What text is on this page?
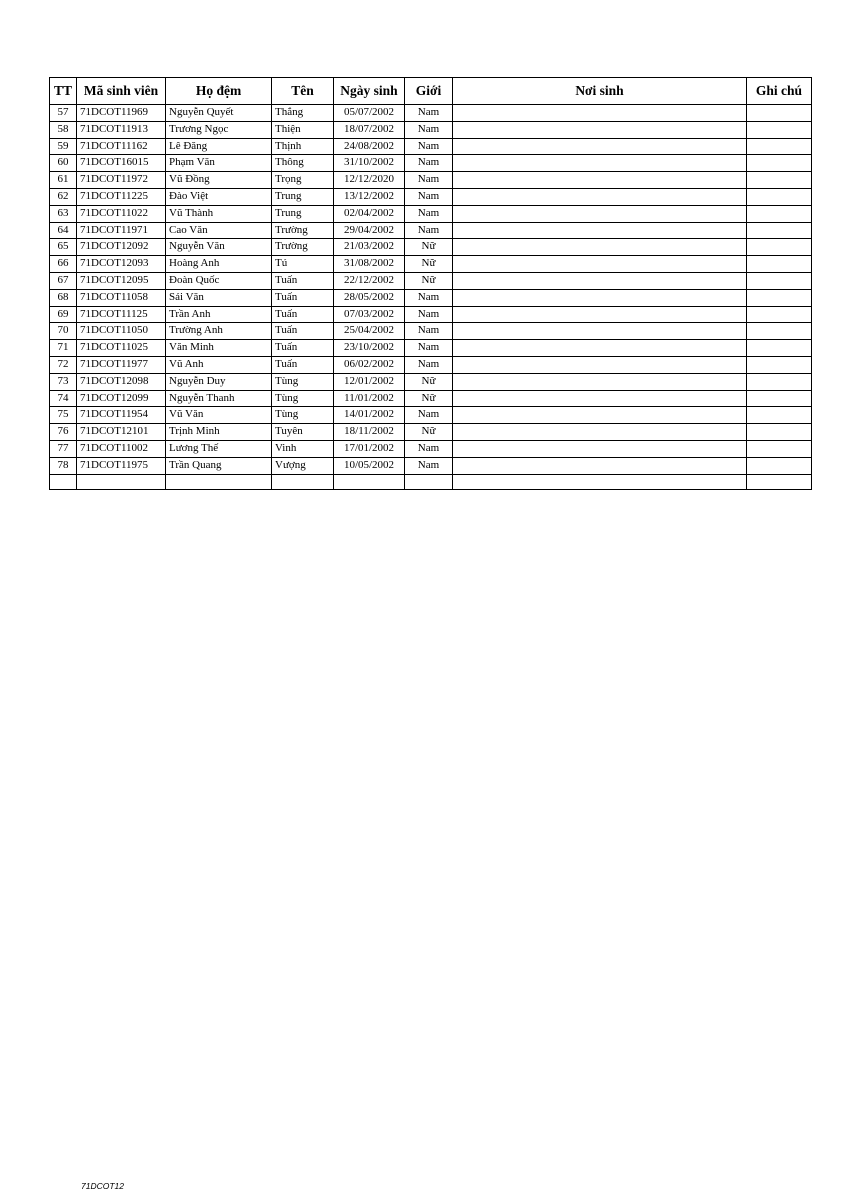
TT	Mã sinh viên	Họ đệm	Tên	Ngày sinh	Giới	Nơi sinh	Ghi chú
57	71DCOT11969	Nguyễn Quyết	Thắng	05/07/2002	Nam		
58	71DCOT11913	Trương Ngọc	Thiện	18/07/2002	Nam		
59	71DCOT11162	Lê Đăng	Thịnh	24/08/2002	Nam		
60	71DCOT16015	Phạm Văn	Thông	31/10/2002	Nam		
61	71DCOT11972	Vũ Đồng	Trọng	12/12/2020	Nam		
62	71DCOT11225	Đào Việt	Trung	13/12/2002	Nam		
63	71DCOT11022	Vũ Thành	Trung	02/04/2002	Nam		
64	71DCOT11971	Cao Văn	Trường	29/04/2002	Nam		
65	71DCOT12092	Nguyễn Văn	Trường	21/03/2002	Nữ		
66	71DCOT12093	Hoàng Anh	Tú	31/08/2002	Nữ		
67	71DCOT12095	Đoàn Quốc	Tuấn	22/12/2002	Nữ		
68	71DCOT11058	Sái Văn	Tuấn	28/05/2002	Nam		
69	71DCOT11125	Trần Anh	Tuấn	07/03/2002	Nam		
70	71DCOT11050	Trường Anh	Tuấn	25/04/2002	Nam		
71	71DCOT11025	Văn Minh	Tuấn	23/10/2002	Nam		
72	71DCOT11977	Vũ Anh	Tuấn	06/02/2002	Nam		
73	71DCOT12098	Nguyễn Duy	Tùng	12/01/2002	Nữ		
74	71DCOT12099	Nguyễn Thanh	Tùng	11/01/2002	Nữ		
75	71DCOT11954	Vũ Văn	Tùng	14/01/2002	Nam		
76	71DCOT12101	Trịnh Minh	Tuyên	18/11/2002	Nữ		
77	71DCOT11002	Lương Thế	Vinh	17/01/2002	Nam		
78	71DCOT11975	Trần Quang	Vượng	10/05/2002	Nam		

71DCOT12
